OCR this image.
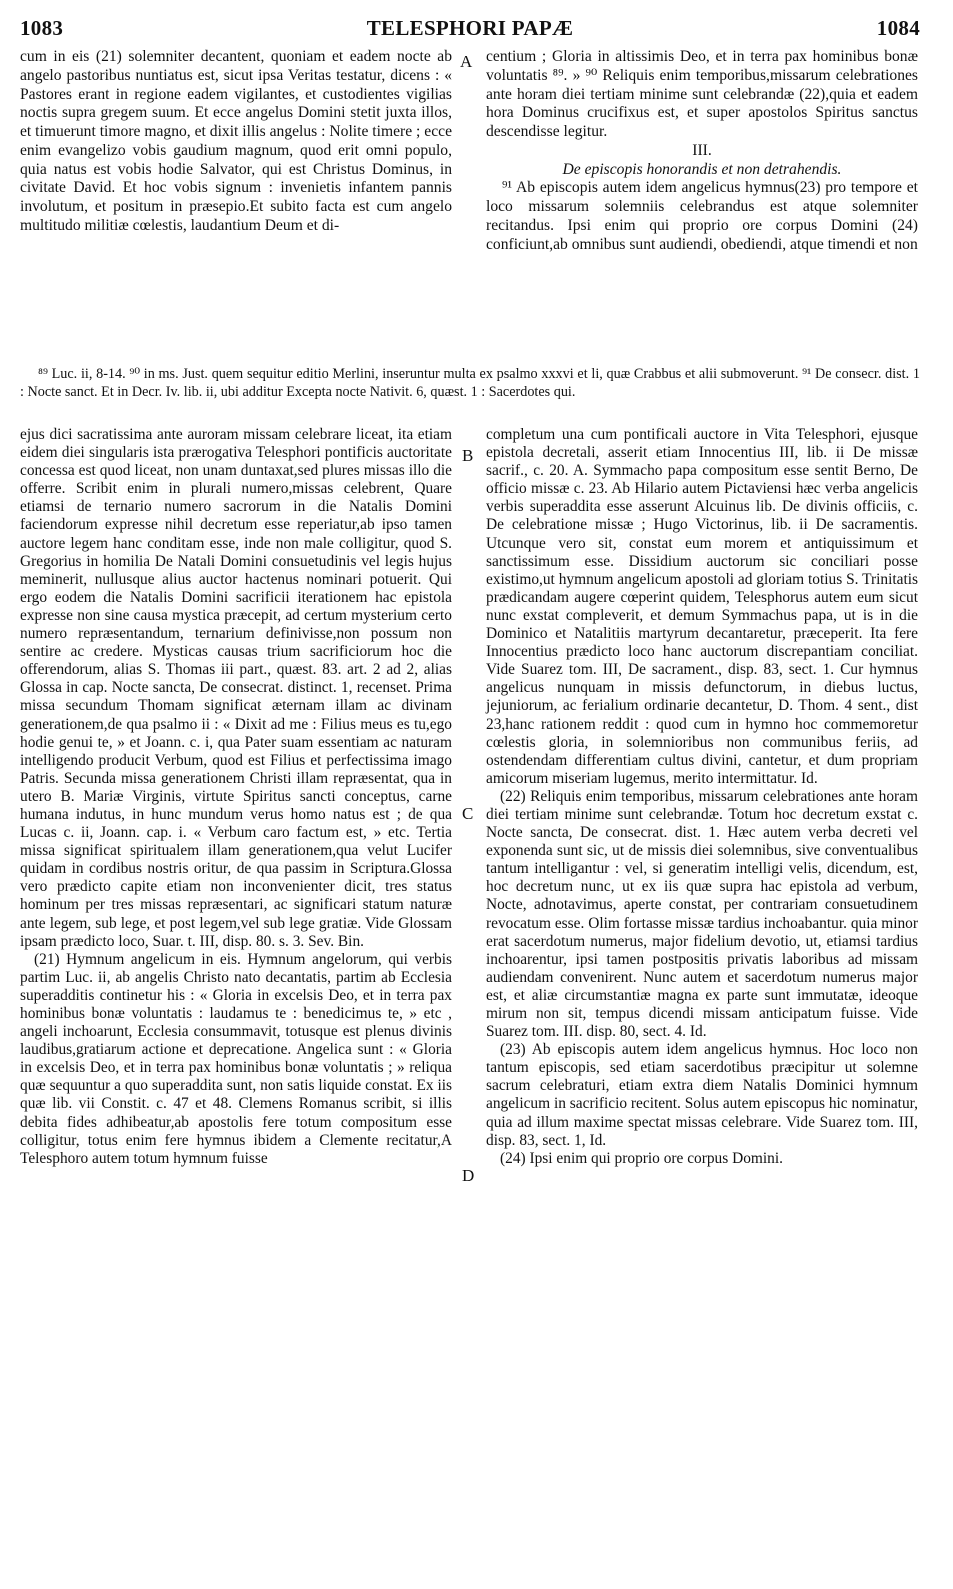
1083	TELESPHORI PAPÆ	1084

cum in eis (21) solemniter decantent, quoniam et eadem nocte ab angelo pastoribus nuntiatus est, sicut ipsa Veritas testatur, dicens : « Pastores erant in regione eadem vigilantes, et custodientes vigilias noctis supra gregem suum. Et ecce angelus Domini stetit juxta illos, et timuerunt timore magno, et dixit illis angelus : Nolite timere ; ecce enim evangelizo vobis gaudium magnum, quod erit omni populo, quia natus est vobis hodie Salvator, qui est Christus Dominus, in civitate David. Et hoc vobis signum : invenietis infantem pannis involutum, et positum in præsepio.Et subito facta est cum angelo multitudo militiæ cœlestis, laudantium Deum et di-

centium ; Gloria in altissimis Deo, et in terra pax hominibus bonæ voluntatis ⁸⁹. » ⁹⁰ Reliquis enim temporibus,missarum celebrationes ante horam diei tertiam minime sunt celebrandæ (22),quia et eadem hora Dominus crucifixus est, et super apostolos Spiritus sanctus descendisse legitur.

III.

De episcopis honorandis et non detrahendis.

⁹¹ Ab episcopis autem idem angelicus hymnus(23) pro tempore et loco missarum solemniis celebrandus est atque solemniter recitandus. Ipsi enim qui proprio ore corpus Domini (24) conficiunt,ab omnibus sunt audiendi, obediendi, atque timendi et non

⁸⁹ Luc. ii, 8-14. ⁹⁰ in ms. Just. quem sequitur editio Merlini, inseruntur multa ex psalmo xxxvi et li, quæ Crabbus et alii submoverunt. ⁹¹ De consecr. dist. 1 : Nocte sanct. Et in Decr. Iv. lib. ii, ubi additur Excepta nocte Nativit. 6, quæst. 1 : Sacerdotes qui.

ejus dici sacratissima ante auroram missam celebrare liceat, ita etiam eidem diei singularis ista prærogativa Telesphori pontificis auctoritate concessa est quod liceat, non unam duntaxat,sed plures missas illo die offerre. Scribit enim in plurali numero,missas celebrent, Quare etiamsi de ternario numero sacrorum in die Natalis Domini faciendorum expresse nihil decretum esse reperiatur,ab ipso tamen auctore legem hanc conditam esse, inde non male colligitur, quod S. Gregorius in homilia De Natali Domini consuetudinis vel legis hujus meminerit, nullusque alius auctor hactenus nominari potuerit. Qui ergo eodem die Natalis Domini sacrificii iterationem hac epistola expresse non sine causa mystica præcepit, ad certum mysterium certo numero repræsentandum, ternarium definivisse,non possum non sentire ac credere. Mysticas causas trium sacrificiorum hoc die offerendorum, alias S. Thomas iii part., quæst. 83. art. 2 ad 2, alias Glossa in cap. Nocte sancta, De consecrat. distinct. 1, recenset. Prima missa secundum Thomam significat æternam illam ac divinam generationem,de qua psalmo ii : « Dixit ad me : Filius meus es tu,ego hodie genui te, » et Joann. c. i, qua Pater suam essentiam ac naturam intelligendo producit Verbum, quod est Filius et perfectissima imago Patris. Secunda missa generationem Christi illam repræsentat, qua in utero B. Mariæ Virginis, virtute Spiritus sancti conceptus, carne humana indutus, in hunc mundum verus homo natus est ; de qua Lucas c. ii, Joann. cap. i. « Verbum caro factum est, » etc. Tertia missa significat spiritualem illam generationem,qua velut Lucifer quidam in cordibus nostris oritur, de qua passim in Scriptura.Glossa vero prædicto capite etiam non inconvenienter dicit, tres status hominum per tres missas repræsentari, ac significari statum naturæ ante legem, sub lege, et post legem,vel sub lege gratiæ. Vide Glossam ipsam prædicto loco, Suar. t. III, disp. 80. s. 3. Sev. Bin.

(21) Hymnum angelicum in eis. Hymnum angelorum, qui verbis partim Luc. ii, ab angelis Christo nato decantatis, partim ab Ecclesia superadditis continetur his : « Gloria in excelsis Deo, et in terra pax hominibus bonæ voluntatis : laudamus te : benedicimus te, » etc , angeli inchoarunt, Ecclesia consummavit, totusque est plenus divinis laudibus,gratiarum actione et deprecatione. Angelica sunt : « Gloria in excelsis Deo, et in terra pax hominibus bonæ voluntatis ; » reliqua quæ sequuntur a quo superaddita sunt, non satis liquide constat. Ex iis quæ lib. vii Constit. c. 47 et 48. Clemens Romanus scribit, si illis debita fides adhibeatur,ab apostolis fere totum compositum esse colligitur, totus enim fere hymnus ibidem a Clemente recitatur,A Telesphoro autem totum hymnum fuisse

completum una cum pontificali auctore in Vita Telesphori, ejusque epistola decretali, asserit etiam Innocentius III, lib. ii De missæ sacrif., c. 20. A. Symmacho papa compositum esse sentit Berno, De officio missæ c. 23. Ab Hilario autem Pictaviensi hæc verba angelicis verbis superaddita esse asserunt Alcuinus lib. De divinis officiis, c. De celebratione missæ ; Hugo Victorinus, lib. ii De sacramentis. Utcunque vero sit, constat eum morem et antiquissimum et sanctissimum esse. Dissidium auctorum sic conciliari posse existimo,ut hymnum angelicum apostoli ad gloriam totius S. Trinitatis prædicandam augere cœperint quidem, Telesphorus autem eum sicut nunc exstat compleverit, et demum Symmachus papa, ut is in die Dominico et Natalitiis martyrum decantaretur, præceperit. Ita fere Innocentius prædicto loco hanc auctorum discrepantiam conciliat. Vide Suarez tom. III, De sacrament., disp. 83, sect. 1. Cur hymnus angelicus nunquam in missis defunctorum, in diebus luctus, jejuniorum, ac ferialium ordinarie decantetur, D. Thom. 4 sent., dist 23,hanc rationem reddit : quod cum in hymno hoc commemoretur cœlestis gloria, in solemnioribus non communibus feriis, ad ostendendam differentiam cultus divini, cantetur, et dum propriam amicorum miseriam lugemus, merito intermittatur. Id.

(22) Reliquis enim temporibus, missarum celebrationes ante horam diei tertiam minime sunt celebrandæ. Totum hoc decretum exstat c. Nocte sancta, De consecrat. dist. 1. Hæc autem verba decreti vel exponenda sunt sic, ut de missis diei solemnibus, sive conventualibus tantum intelligantur : vel, si generatim intelligi velis, dicendum, est, hoc decretum nunc, ut ex iis quæ supra hac epistola ad verbum, Nocte, adnotavimus, aperte constat, per contrariam consuetudinem revocatum esse. Olim fortasse missæ tardius inchoabantur. quia minor erat sacerdotum numerus, major fidelium devotio, ut, etiamsi tardius inchoarentur, ipsi tamen postpositis privatis laboribus ad missam audiendam convenirent. Nunc autem et sacerdotum numerus major est, et aliæ circumstantiæ magna ex parte sunt immutatæ, ideoque mirum non sit, tempus dicendi missam anticipatum fuisse. Vide Suarez tom. III. disp. 80, sect. 4. Id.

(23) Ab episcopis autem idem angelicus hymnus. Hoc loco non tantum episcopis, sed etiam sacerdotibus præcipitur ut solemne sacrum celebraturi, etiam extra diem Natalis Dominici hymnum angelicum in sacrificio recitent. Solus autem episcopus hic nominatur, quia ad illum maxime spectat missas celebrare. Vide Suarez tom. III, disp. 83, sect. 1, Id.

(24) Ipsi enim qui proprio ore corpus Domini.

A
B
C
D
